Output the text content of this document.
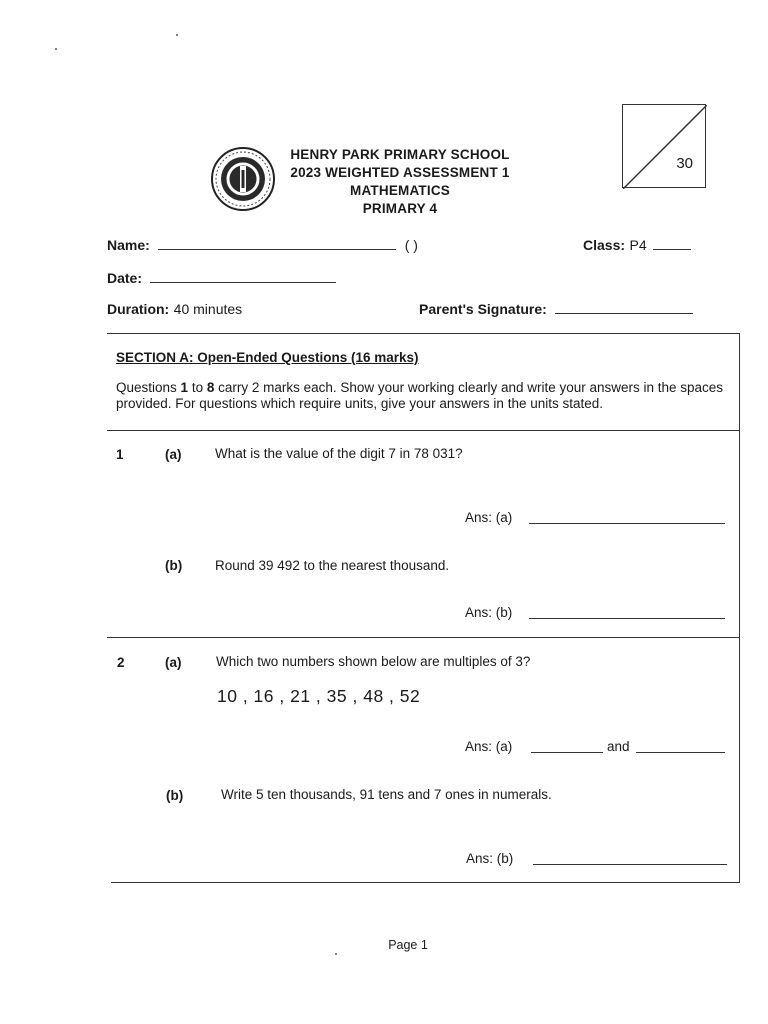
HENRY PARK PRIMARY SCHOOL
2023 WEIGHTED ASSESSMENT 1
MATHEMATICS
PRIMARY 4
30
Name:	( )	Class: P4
Date:
Duration: 40 minutes	Parent's Signature:
SECTION A: Open-Ended Questions (16 marks)
Questions 1 to 8 carry 2 marks each. Show your working clearly and write your answers in the spaces provided. For questions which require units, give your answers in the units stated.
1	(a) What is the value of the digit 7 in 78 031?
Ans: (a)
(b) Round 39 492 to the nearest thousand.
Ans: (b)
2	(a)	Which two numbers shown below are multiples of 3?
10 , 16 , 21 , 35 , 48 , 52
Ans: (a)	and
(b)	Write 5 ten thousands, 91 tens and 7 ones in numerals.
Ans: (b)
Page 1
